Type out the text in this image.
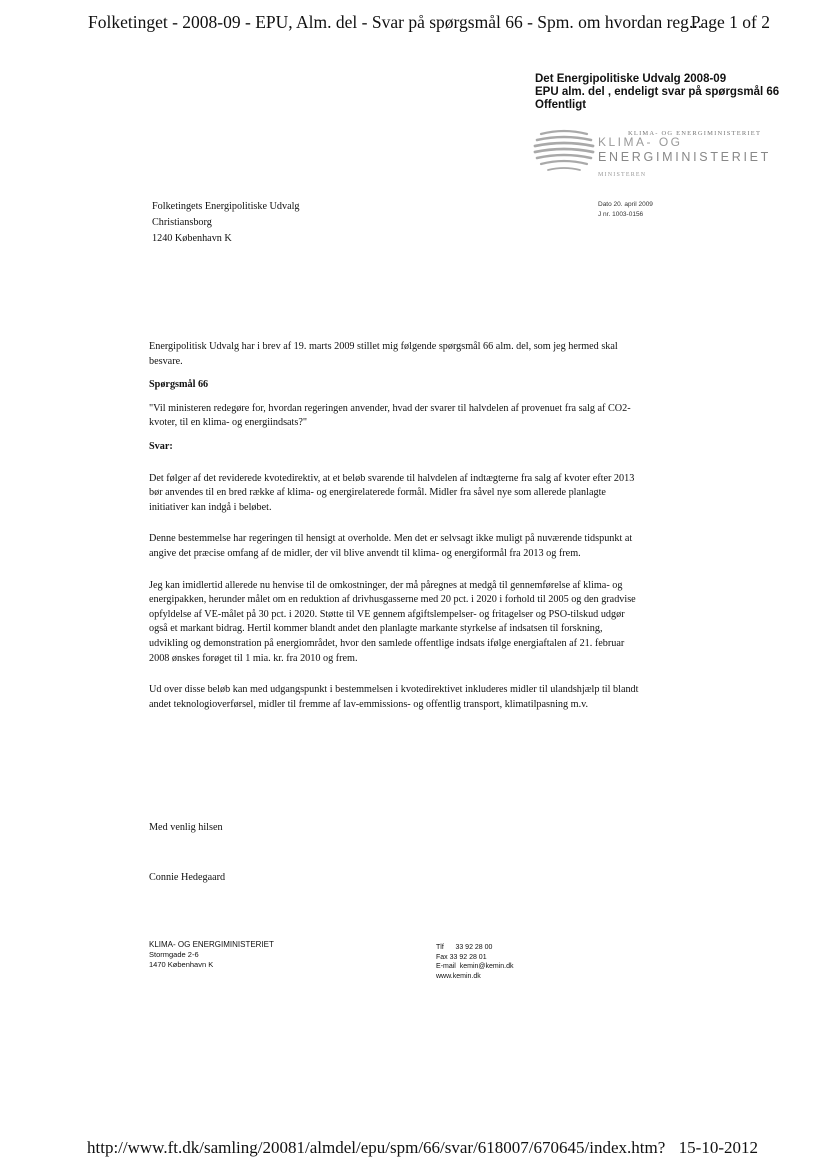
Folketinget - 2008-09 - EPU, Alm. del - Svar på spørgsmål 66 - Spm. om hvordan reg...
Page 1 of 2
Det Energipolitiske Udvalg 2008-09
EPU alm. del , endeligt svar på spørgsmål 66
Offentligt
KLIMA- OG ENERGIMINISTERIET
KLIMA- OG
ENERGIMINISTERIET
MINISTEREN
Folketingets Energipolitiske Udvalg
Christiansborg
1240 København K
Dato 20. april 2009
J nr. 1003-0156

Energipolitisk Udvalg har i brev af 19. marts 2009 stillet mig følgende spørgsmål 66 alm. del, som jeg hermed skal besvare.

Spørgsmål 66

"Vil ministeren redegøre for, hvordan regeringen anvender, hvad der svarer til halvdelen af provenuet fra salg af CO2-kvoter, til en klima- og energiindsats?"

Svar:

Det følger af det reviderede kvotedirektiv, at et beløb svarende til halvdelen af indtægterne fra salg af kvoter efter 2013 bør anvendes til en bred række af klima- og energirelaterede formål. Midler fra såvel nye som allerede planlagte initiativer kan indgå i beløbet.

Denne bestemmelse har regeringen til hensigt at overholde. Men det er selvsagt ikke muligt på nuværende tidspunkt at angive det præcise omfang af de midler, der vil blive anvendt til klima- og energiformål fra 2013 og frem.

Jeg kan imidlertid allerede nu henvise til de omkostninger, der må påregnes at medgå til gennemførelse af klima- og energipakken, herunder målet om en reduktion af drivhusgasserne med 20 pct. i 2020 i forhold til 2005 og den gradvise opfyldelse af VE-målet på 30 pct. i 2020. Støtte til VE gennem afgiftslempelser- og fritagelser og PSO-tilskud udgør også et markant bidrag. Hertil kommer blandt andet den planlagte markante styrkelse af indsatsen til forskning, udvikling og demonstration på energiområdet, hvor den samlede offentlige indsats ifølge energiaftalen af 21. februar 2008 ønskes forøget til 1 mia. kr. fra 2010 og frem.

Ud over disse beløb kan med udgangspunkt i bestemmelsen i kvotedirektivet inkluderes midler til ulandshjælp til blandt andet teknologioverførsel, midler til fremme af lav-emmissions- og offentlig transport, klimatilpasning m.v.

Med venlig hilsen
Connie Hedegaard
KLIMA- OG ENERGIMINISTERIET
Stormgade 2-6
1470 København K
Tlf      33 92 28 00
Fax 33 92 28 01
E-mail  kemin@kemin.dk
www.kemin.dk
http://www.ft.dk/samling/20081/almdel/epu/spm/66/svar/618007/670645/index.htm? 15-10-2012
